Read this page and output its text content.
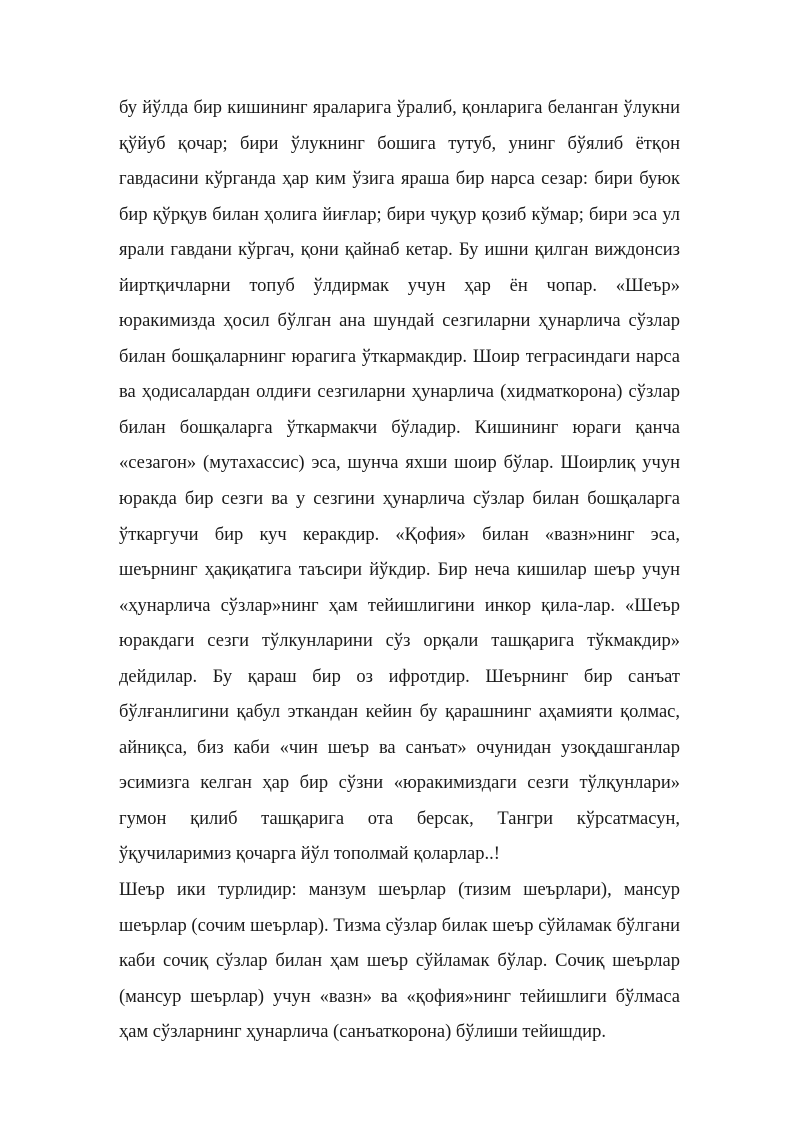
бу йўлда бир кишининг яраларига ўралиб, қонларига беланган ўлукни қўйуб қочар; бири ўлукнинг бошига тутуб, унинг бўялиб ётқон гавдасини кўрганда ҳар ким ўзига яраша бир нарса сезар: бири буюк бир қўрқув билан ҳолига йиғлар; бири чуқур қозиб кўмар; бири эса ул ярали гавдани кўргач, қони қайнаб кетар. Бу ишни қилган виждонсиз йиртқичларни топуб ўлдирмак учун ҳар ён чопар. «Шеър» юракимизда ҳосил бўлган ана шундай сезгиларни ҳунарлича сўзлар билан бошқаларнинг юрагига ўткармакдир. Шоир теграсиндаги нарса ва ҳодисалардан олдиғи сезгиларни ҳунарлича (хидматкорона) сўзлар билан бошқаларга ўткармакчи бўладир. Кишининг юраги қанча «сезагон» (мутахассис) эса, шунча яхши шоир бўлар. Шоирлиқ учун юракда бир сезги ва у сезгини ҳунарлича сўзлар билан бошқаларга ўткаргучи бир куч керакдир. «Қофия» билан «вазн»нинг эса, шеърнинг ҳақиқатига таъсири йўкдир. Бир неча кишилар шеър учун «ҳунарлича сўзлар»нинг ҳам тейишлигини инкор қила-лар. «Шеър юракдаги сезги тўлкунларини сўз орқали ташқарига тўкмакдир» дейдилар. Бу қараш бир оз ифротдир. Шеърнинг бир санъат бўлғанлигини қабул эткандан кейин бу қарашнинг аҳамияти қолмас, айниқса, биз каби «чин шеър ва санъат» очунидан узоқдашганлар эсимизга келган ҳар бир сўзни «юракимиздаги сезги тўлқунлари» гумон қилиб ташқарига ота берсак, Тангри кўрсатмасун, ўқучиларимиз қочарга йўл тополмай қоларлар..!

Шеър ики турлидир: манзум шеърлар (тизим шеърлари), мансур шеърлар (сочим шеърлар). Тизма сўзлар билак шеър сўйламак бўлгани каби сочиқ сўзлар билан ҳам шеър сўйламак бўлар. Сочиқ шеърлар (мансур шеърлар) учун «вазн» ва «қофия»нинг тейишлиги бўлмаса ҳам сўзларнинг ҳунарлича (санъаткорона) бўлиши тейишдир.
